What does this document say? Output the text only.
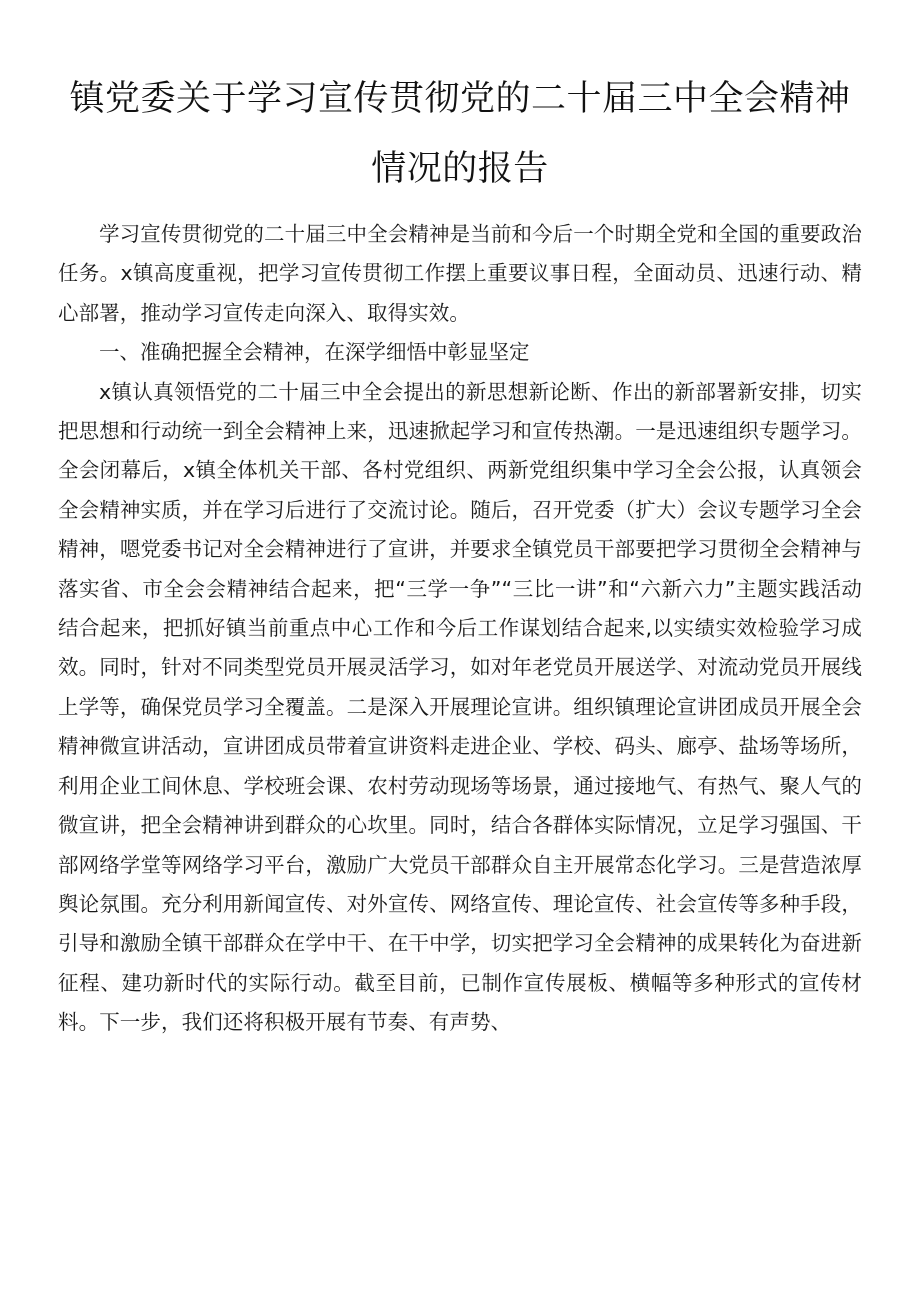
镇党委关于学习宣传贯彻党的二十届三中全会精神情况的报告

学习宣传贯彻党的二十届三中全会精神是当前和今后一个时期全党和全国的重要政治任务。x镇高度重视，把学习宣传贯彻工作摆上重要议事日程，全面动员、迅速行动、精心部署，推动学习宣传走向深入、取得实效。

一、准确把握全会精神，在深学细悟中彰显坚定

x镇认真领悟党的二十届三中全会提出的新思想新论断、作出的新部署新安排，切实把思想和行动统一到全会精神上来，迅速掀起学习和宣传热潮。一是迅速组织专题学习。全会闭幕后，x镇全体机关干部、各村党组织、两新党组织集中学习全会公报，认真领会全会精神实质，并在学习后进行了交流讨论。随后，召开党委（扩大）会议专题学习全会精神，嗯党委书记对全会精神进行了宣讲，并要求全镇党员干部要把学习贯彻全会精神与落实省、市全会会精神结合起来，把“三学一争”“三比一讲”和“六新六力”主题实践活动结合起来，把抓好镇当前重点中心工作和今后工作谋划结合起来,以实绩实效检验学习成效。同时，针对不同类型党员开展灵活学习，如对年老党员开展送学、对流动党员开展线上学等，确保党员学习全覆盖。二是深入开展理论宣讲。组织镇理论宣讲团成员开展全会精神微宣讲活动，宣讲团成员带着宣讲资料走进企业、学校、码头、廊亭、盐场等场所，利用企业工间休息、学校班会课、农村劳动现场等场景，通过接地气、有热气、聚人气的微宣讲，把全会精神讲到群众的心坎里。同时，结合各群体实际情况，立足学习强国、干部网络学堂等网络学习平台，激励广大党员干部群众自主开展常态化学习。三是营造浓厚舆论氛围。充分利用新闻宣传、对外宣传、网络宣传、理论宣传、社会宣传等多种手段，引导和激励全镇干部群众在学中干、在干中学，切实把学习全会精神的成果转化为奋进新征程、建功新时代的实际行动。截至目前，已制作宣传展板、横幅等多种形式的宣传材料。下一步，我们还将积极开展有节奏、有声势、
